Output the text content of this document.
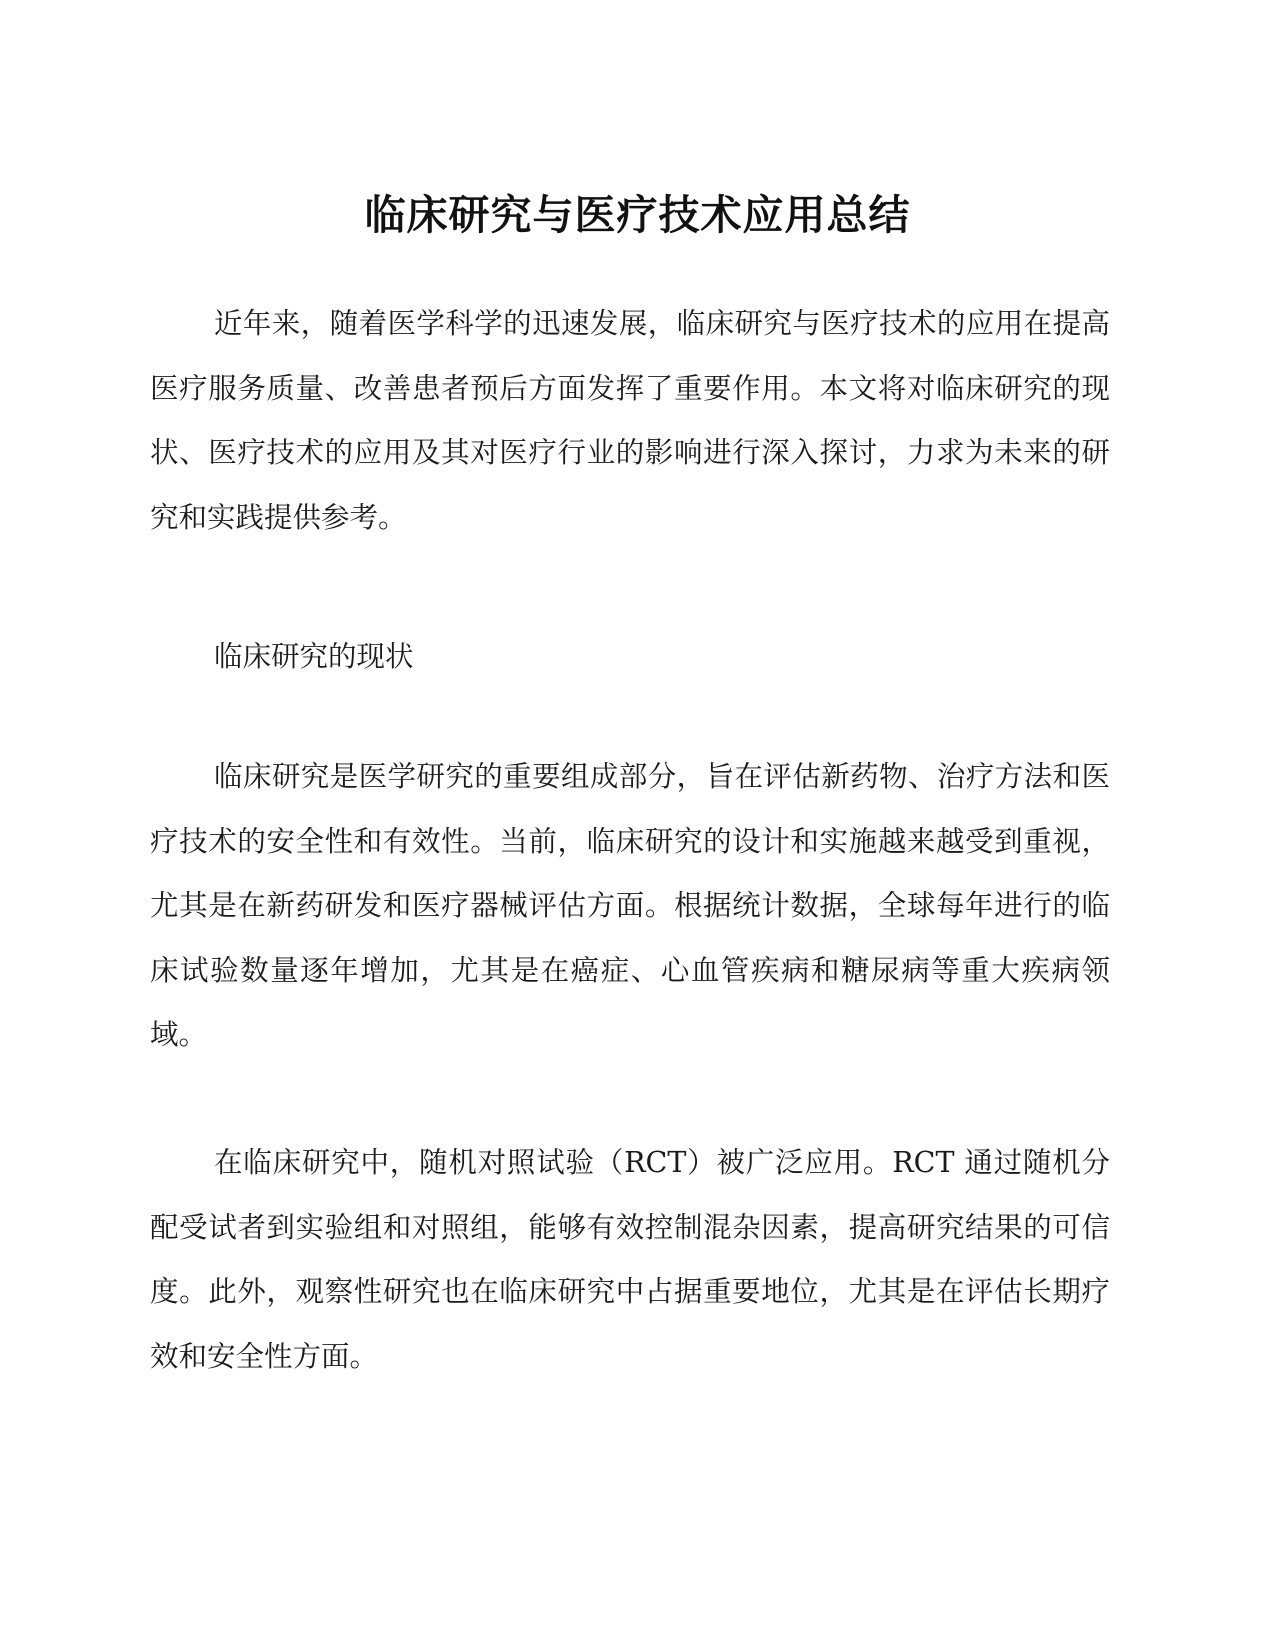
临床研究与医疗技术应用总结

近年来，随着医学科学的迅速发展，临床研究与医疗技术的应用在提高医疗服务质量、改善患者预后方面发挥了重要作用。本文将对临床研究的现状、医疗技术的应用及其对医疗行业的影响进行深入探讨，力求为未来的研究和实践提供参考。

临床研究的现状

临床研究是医学研究的重要组成部分，旨在评估新药物、治疗方法和医疗技术的安全性和有效性。当前，临床研究的设计和实施越来越受到重视，尤其是在新药研发和医疗器械评估方面。根据统计数据，全球每年进行的临床试验数量逐年增加，尤其是在癌症、心血管疾病和糖尿病等重大疾病领域。

在临床研究中，随机对照试验（RCT）被广泛应用。RCT 通过随机分配受试者到实验组和对照组，能够有效控制混杂因素，提高研究结果的可信度。此外，观察性研究也在临床研究中占据重要地位，尤其是在评估长期疗效和安全性方面。
